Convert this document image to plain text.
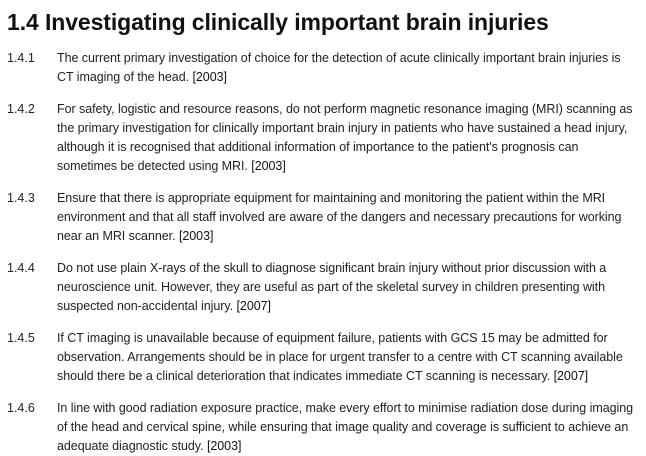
1.4 Investigating clinically important brain injuries
1.4.1	The current primary investigation of choice for the detection of acute clinically important brain injuries is CT imaging of the head. [2003]
1.4.2	For safety, logistic and resource reasons, do not perform magnetic resonance imaging (MRI) scanning as the primary investigation for clinically important brain injury in patients who have sustained a head injury, although it is recognised that additional information of importance to the patient's prognosis can sometimes be detected using MRI. [2003]
1.4.3	Ensure that there is appropriate equipment for maintaining and monitoring the patient within the MRI environment and that all staff involved are aware of the dangers and necessary precautions for working near an MRI scanner. [2003]
1.4.4	Do not use plain X-rays of the skull to diagnose significant brain injury without prior discussion with a neuroscience unit. However, they are useful as part of the skeletal survey in children presenting with suspected non-accidental injury. [2007]
1.4.5	If CT imaging is unavailable because of equipment failure, patients with GCS 15 may be admitted for observation. Arrangements should be in place for urgent transfer to a centre with CT scanning available should there be a clinical deterioration that indicates immediate CT scanning is necessary. [2007]
1.4.6	In line with good radiation exposure practice, make every effort to minimise radiation dose during imaging of the head and cervical spine, while ensuring that image quality and coverage is sufficient to achieve an adequate diagnostic study. [2003]
